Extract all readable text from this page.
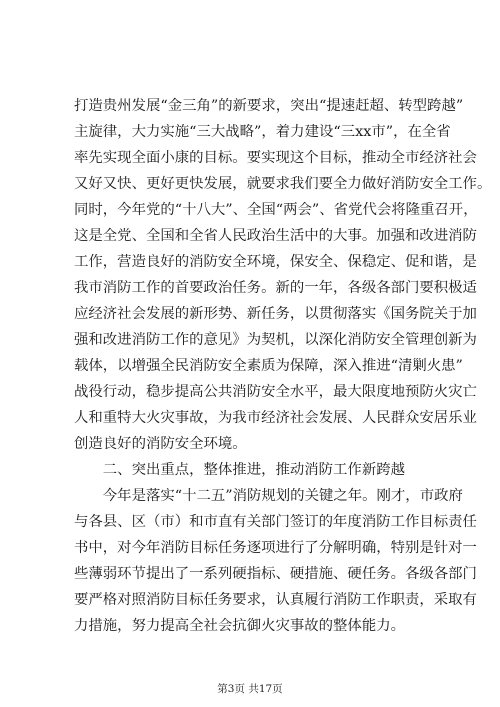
打造贵州发展“金三角”的新要求，突出“提速赶超、转型跨越”
主旋律，大力实施“三大战略”，着力建设“三xx市”，在全省
率先实现全面小康的目标。要实现这个目标，推动全市经济社会
又好又快、更好更快发展，就要求我们要全力做好消防安全工作。
同时，今年党的“十八大”、全国“两会”、省党代会将隆重召开，
这是全党、全国和全省人民政治生活中的大事。加强和改进消防
工作，营造良好的消防安全环境，保安全、保稳定、促和谐，是
我市消防工作的首要政治任务。新的一年，各级各部门要积极适
应经济社会发展的新形势、新任务，以贯彻落实《国务院关于加
强和改进消防工作的意见》为契机，以深化消防安全管理创新为
载体，以增强全民消防安全素质为保障，深入推进“清剿火患”
战役行动，稳步提高公共消防安全水平，最大限度地预防火灾亡
人和重特大火灾事故，为我市经济社会发展、人民群众安居乐业
创造良好的消防安全环境。
　　二、突出重点，整体推进，推动消防工作新跨越
　　今年是落实“十二五”消防规划的关键之年。刚才，市政府
与各县、区（市）和市直有关部门签订的年度消防工作目标责任
书中，对今年消防目标任务逐项进行了分解明确，特别是针对一
些薄弱环节提出了一系列硬指标、硬措施、硬任务。各级各部门
要严格对照消防目标任务要求，认真履行消防工作职责，采取有
力措施，努力提高全社会抗御火灾事故的整体能力。
第3页 共17页
